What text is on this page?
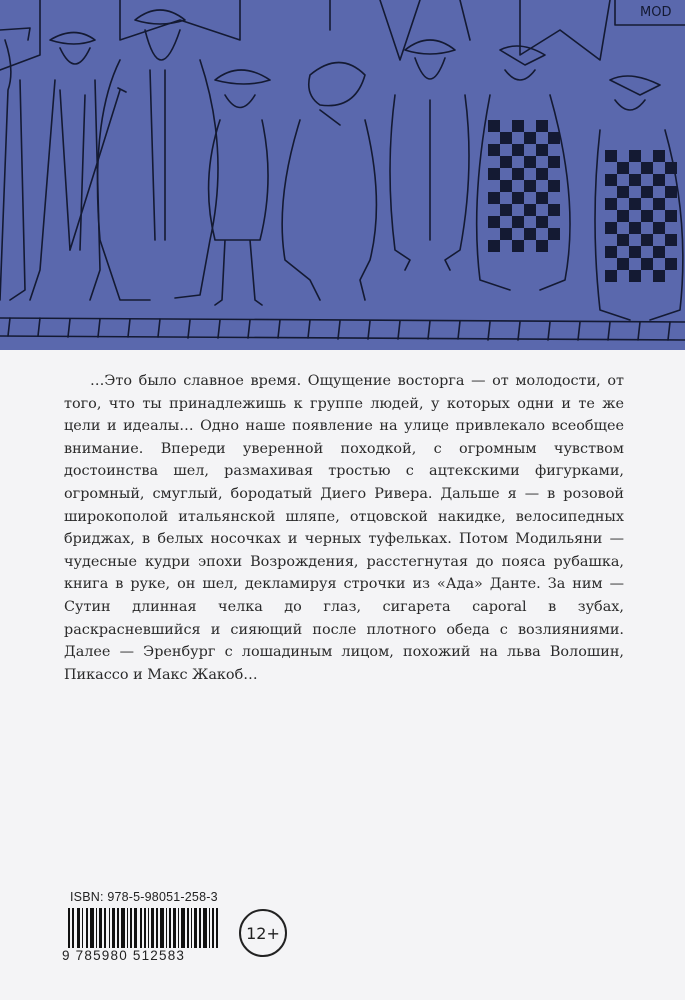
MOD

…Это было славное время. Ощущение восторга — от молодости, от того, что ты принадлежишь к группе людей, у которых одни и те же цели и идеалы… Одно наше появление на улице привлекало всеобщее внимание. Впереди уверенной походкой, с огромным чувством достоинства шел, размахивая тростью с ацтекскими фигурками, огромный, смуглый, бородатый Диего Ривера. Дальше я — в розовой широкополой итальянской шляпе, отцовской накидке, велосипедных бриджах, в белых носочках и черных туфельках. Потом Модильяни — чудесные кудри эпохи Возрождения, расстегнутая до пояса рубашка, книга в руке, он шел, декламируя строчки из «Ада» Данте. За ним — Сутин длинная челка до глаз, сигарета caporal в зубах, раскрасневшийся и сияющий после плотного обеда с возлияниями. Далее — Эренбург с лошадиным лицом, похожий на льва Волошин, Пикассо и Макс Жакоб…

ISBN: 978-5-98051-258-3
9 785980 512583
12+
